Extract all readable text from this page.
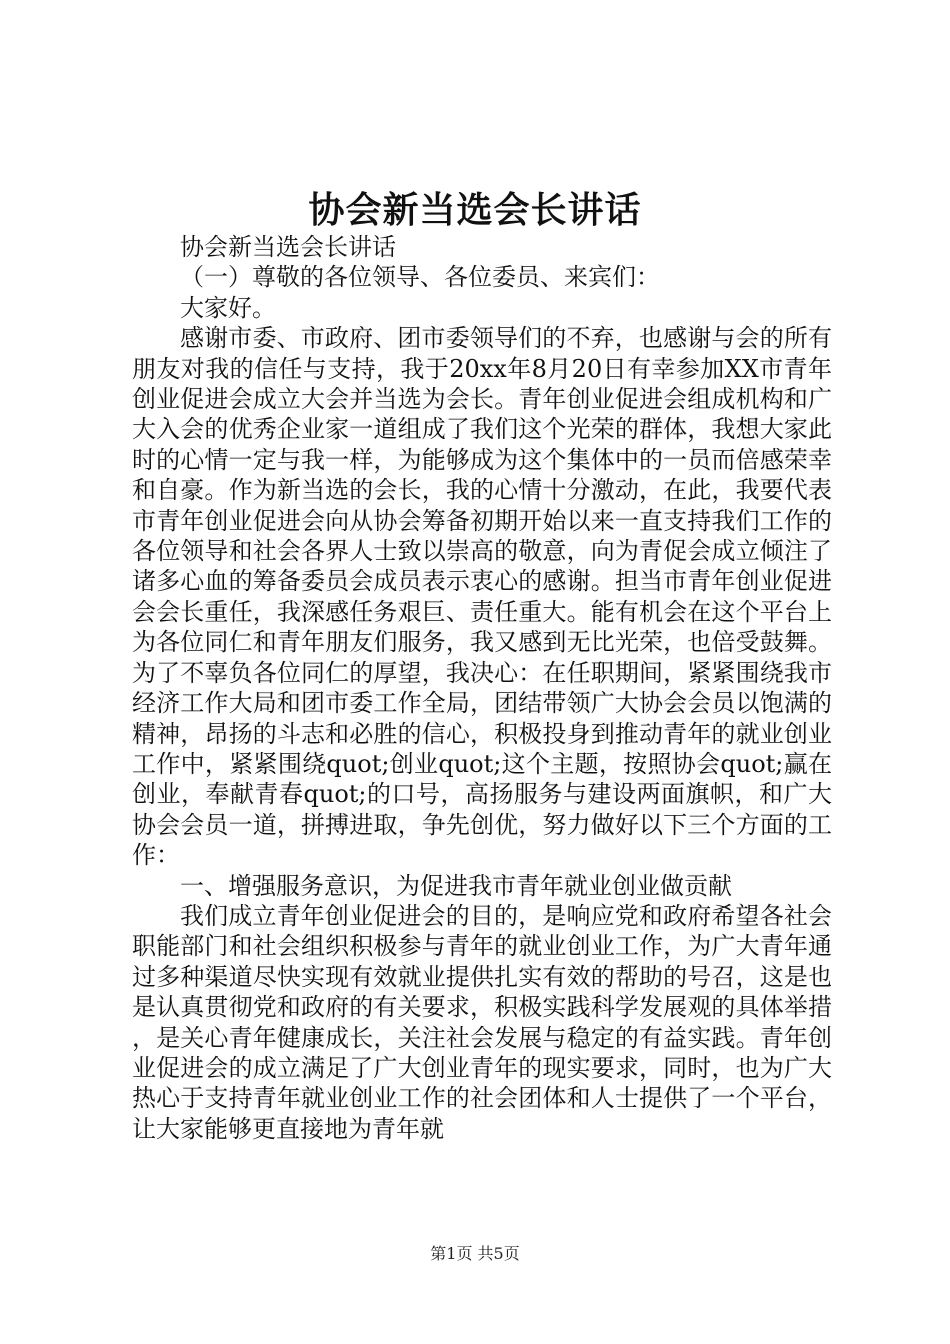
协会新当选会长讲话

协会新当选会长讲话

（一）尊敬的各位领导、各位委员、来宾们：

大家好。

感谢市委、市政府、团市委领导们的不弃，也感谢与会的所有朋友对我的信任与支持，我于20xx年8月20日有幸参加XX市青年创业促进会成立大会并当选为会长。青年创业促进会组成机构和广大入会的优秀企业家一道组成了我们这个光荣的群体，我想大家此时的心情一定与我一样，为能够成为这个集体中的一员而倍感荣幸和自豪。作为新当选的会长，我的心情十分激动，在此，我要代表市青年创业促进会向从协会筹备初期开始以来一直支持我们工作的各位领导和社会各界人士致以崇高的敬意，向为青促会成立倾注了诸多心血的筹备委员会成员表示衷心的感谢。担当市青年创业促进会会长重任，我深感任务艰巨、责任重大。能有机会在这个平台上为各位同仁和青年朋友们服务，我又感到无比光荣，也倍受鼓舞。为了不辜负各位同仁的厚望，我决心：在任职期间，紧紧围绕我市经济工作大局和团市委工作全局，团结带领广大协会会员以饱满的精神，昂扬的斗志和必胜的信心，积极投身到推动青年的就业创业工作中，紧紧围绕quot;创业quot;这个主题，按照协会quot;赢在创业，奉献青春quot;的口号，高扬服务与建设两面旗帜，和广大协会会员一道，拼搏进取，争先创优，努力做好以下三个方面的工作：

一、增强服务意识，为促进我市青年就业创业做贡献

我们成立青年创业促进会的目的，是响应党和政府希望各社会职能部门和社会组织积极参与青年的就业创业工作，为广大青年通过多种渠道尽快实现有效就业提供扎实有效的帮助的号召，这是也是认真贯彻党和政府的有关要求，积极实践科学发展观的具体举措，是关心青年健康成长，关注社会发展与稳定的有益实践。青年创业促进会的成立满足了广大创业青年的现实要求，同时，也为广大热心于支持青年就业创业工作的社会团体和人士提供了一个平台，让大家能够更直接地为青年就

第1页 共5页
